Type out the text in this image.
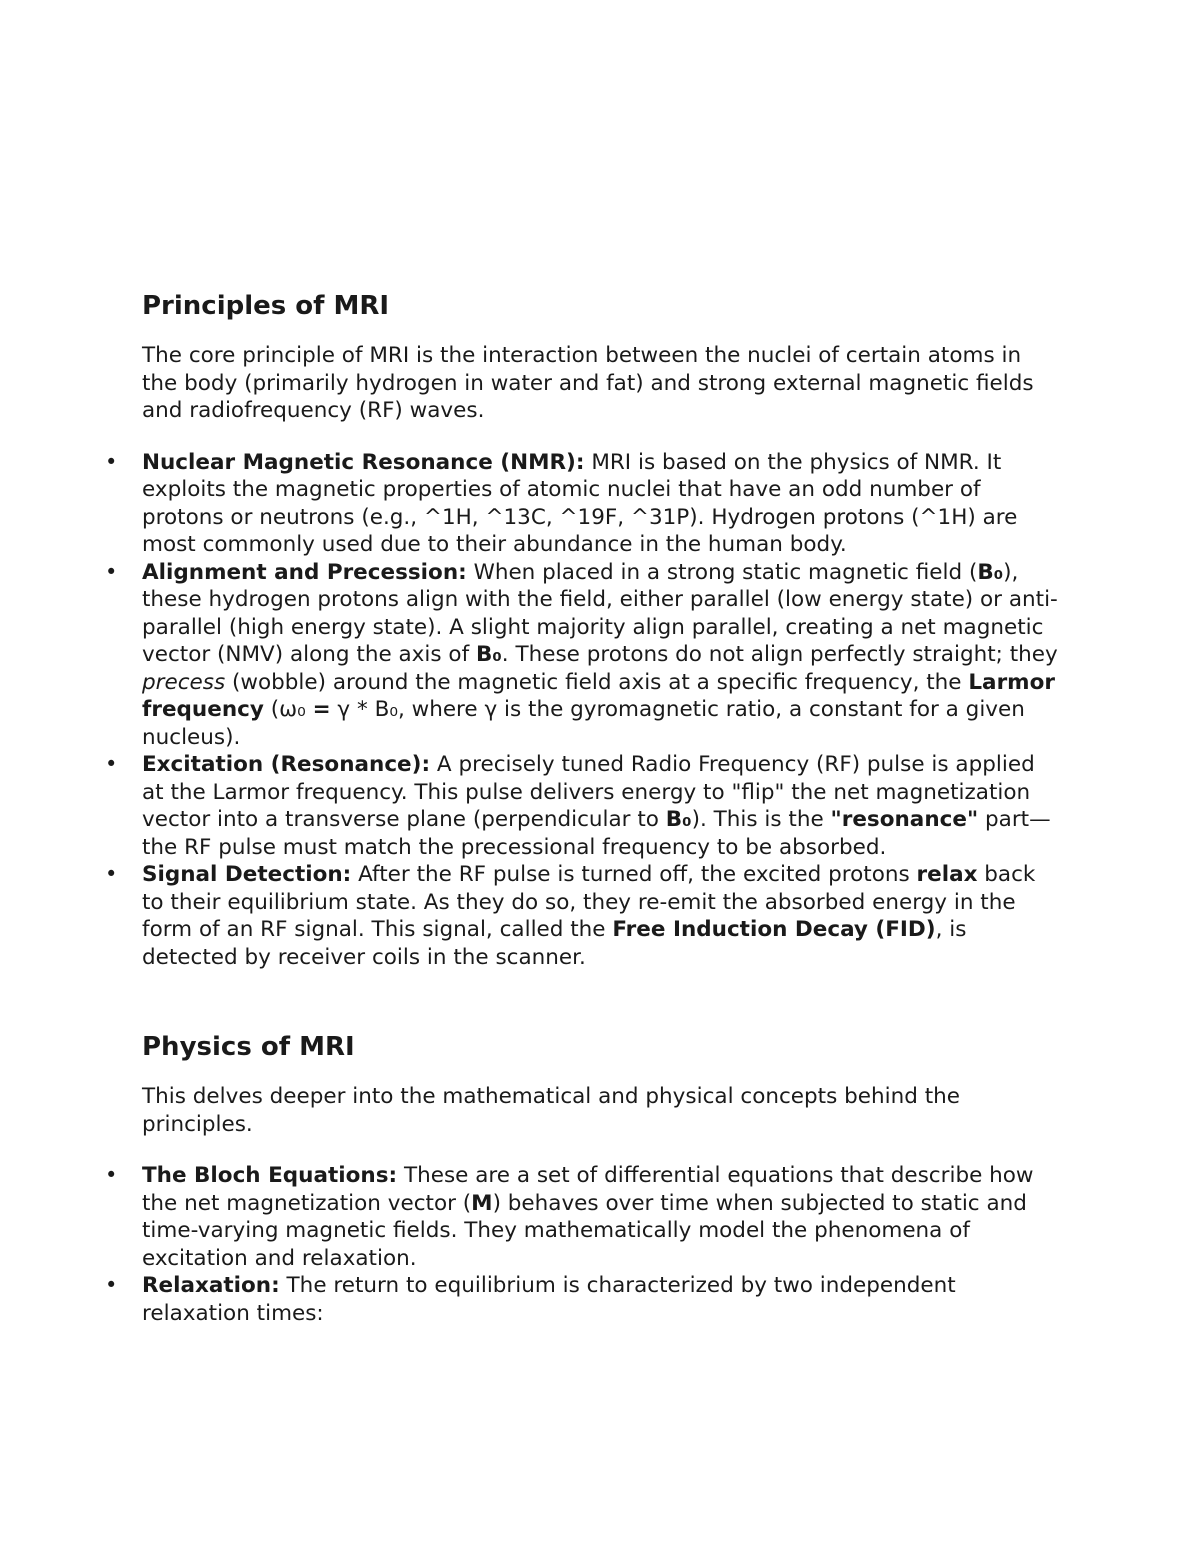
Principles of MRI

The core principle of MRI is the interaction between the nuclei of certain atoms in the body (primarily hydrogen in water and fat) and strong external magnetic fields and radiofrequency (RF) waves.

• Nuclear Magnetic Resonance (NMR): MRI is based on the physics of NMR. It exploits the magnetic properties of atomic nuclei that have an odd number of protons or neutrons (e.g., ^1H, ^13C, ^19F, ^31P). Hydrogen protons (^1H) are most commonly used due to their abundance in the human body.
• Alignment and Precession: When placed in a strong static magnetic field (B₀), these hydrogen protons align with the field, either parallel (low energy state) or anti-parallel (high energy state). A slight majority align parallel, creating a net magnetic vector (NMV) along the axis of B₀. These protons do not align perfectly straight; they precess (wobble) around the magnetic field axis at a specific frequency, the Larmor frequency (ω₀ = γ * B₀, where γ is the gyromagnetic ratio, a constant for a given nucleus).
• Excitation (Resonance): A precisely tuned Radio Frequency (RF) pulse is applied at the Larmor frequency. This pulse delivers energy to "flip" the net magnetization vector into a transverse plane (perpendicular to B₀). This is the "resonance" part—the RF pulse must match the precessional frequency to be absorbed.
• Signal Detection: After the RF pulse is turned off, the excited protons relax back to their equilibrium state. As they do so, they re-emit the absorbed energy in the form of an RF signal. This signal, called the Free Induction Decay (FID), is detected by receiver coils in the scanner.
Physics of MRI

This delves deeper into the mathematical and physical concepts behind the principles.

• The Bloch Equations: These are a set of differential equations that describe how the net magnetization vector (M) behaves over time when subjected to static and time-varying magnetic fields. They mathematically model the phenomena of excitation and relaxation.
• Relaxation: The return to equilibrium is characterized by two independent relaxation times:
